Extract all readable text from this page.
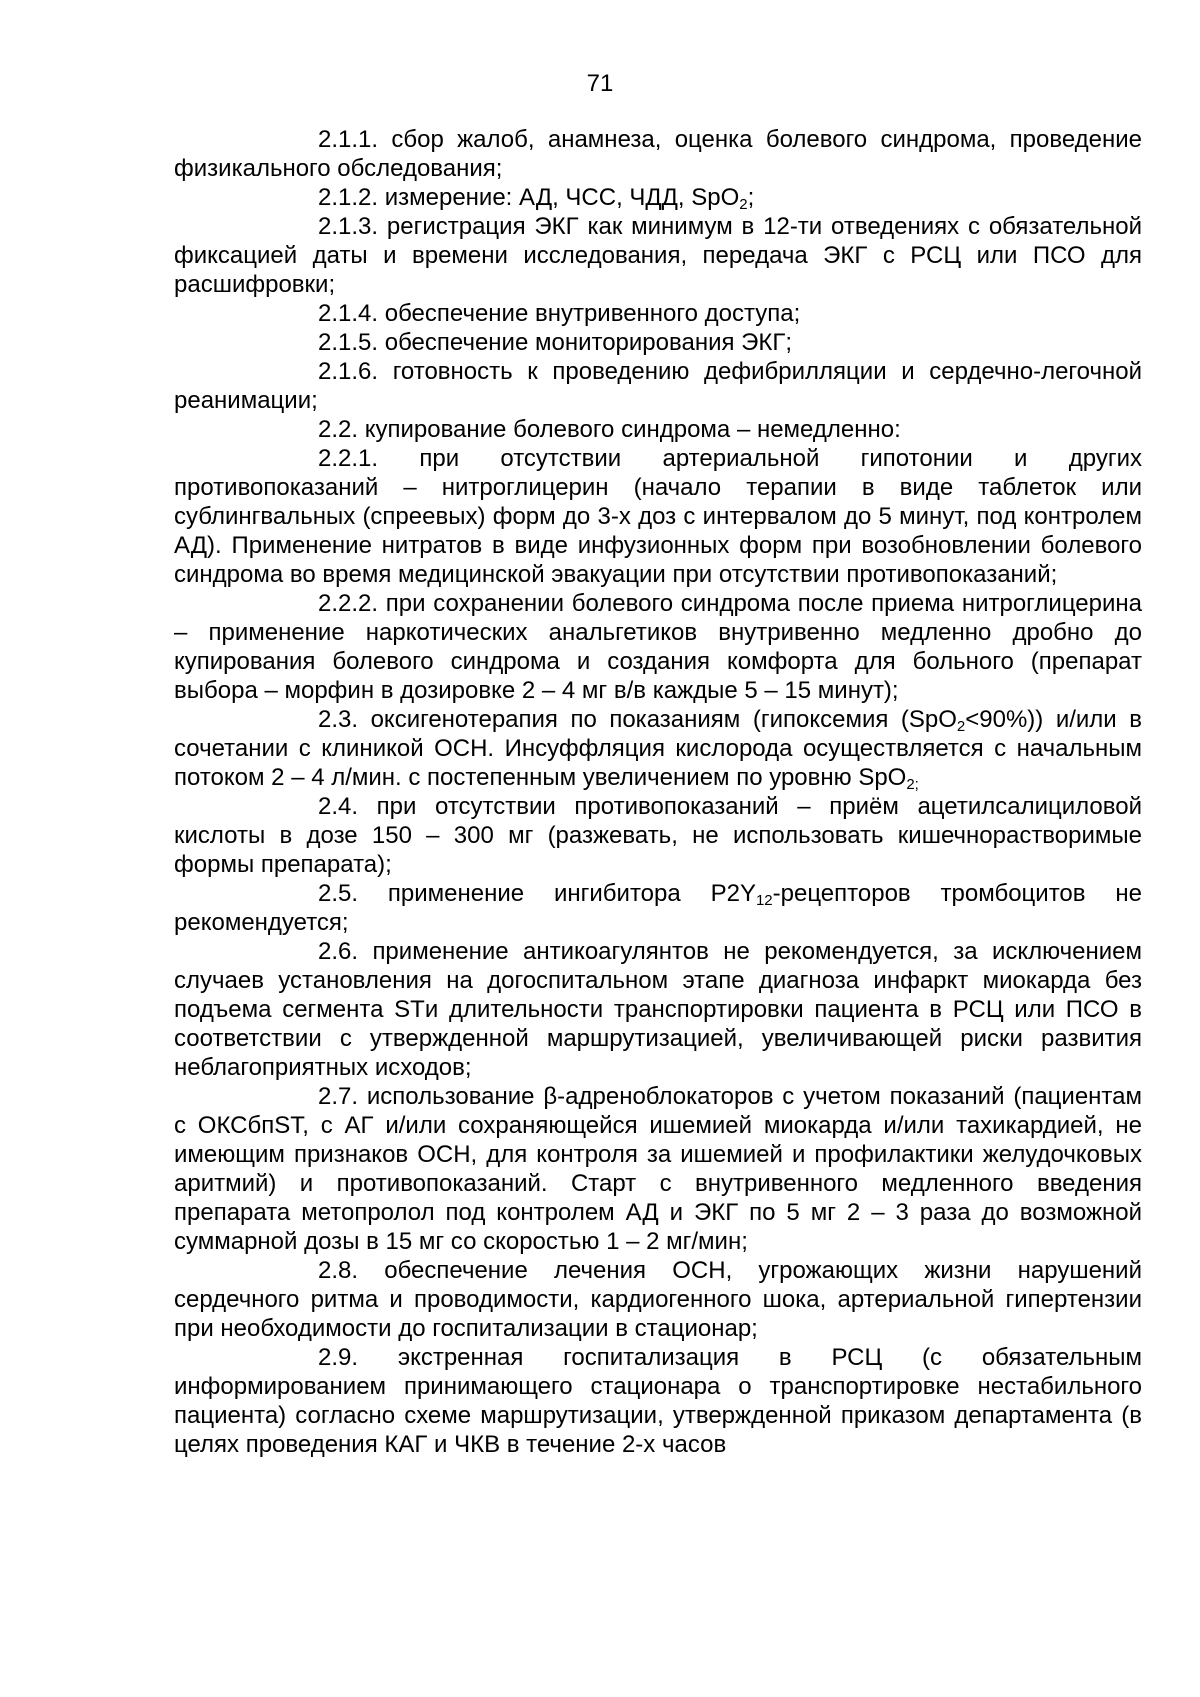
71

2.1.1. сбор жалоб, анамнеза, оценка болевого синдрома, проведение физикального обследования;

2.1.2. измерение: АД, ЧСС, ЧДД, SpO$_2$;

2.1.3. регистрация ЭКГ как минимум в 12-ти отведениях с обязательной фиксацией даты и времени исследования, передача ЭКГ с РСЦ или ПСО для расшифровки;

2.1.4. обеспечение внутривенного доступа;

2.1.5. обеспечение мониторирования ЭКГ;

2.1.6. готовность к проведению дефибрилляции и сердечно-легочной реанимации;

2.2. купирование болевого синдрома – немедленно:

2.2.1. при отсутствии артериальной гипотонии и других противопоказаний – нитроглицерин (начало терапии в виде таблеток или сублингвальных (спреевых) форм до 3-х доз с интервалом до 5 минут, под контролем АД). Применение нитратов в виде инфузионных форм при возобновлении болевого синдрома во время медицинской эвакуации при отсутствии противопоказаний;

2.2.2. при сохранении болевого синдрома после приема нитроглицерина – применение наркотических анальгетиков внутривенно медленно дробно до купирования болевого синдрома и создания комфорта для больного (препарат выбора – морфин в дозировке 2 – 4 мг в/в каждые 5 – 15 минут);

2.3. оксигенотерапия по показаниям (гипоксемия (SpO$_2$<90%)) и/или в сочетании с клиникой ОСН. Инсуффляция кислорода осуществляется с начальным потоком 2 – 4 л/мин. с постепенным увеличением по уровню SpO$_{2;}$

2.4. при отсутствии противопоказаний – приём ацетилсалициловой кислоты в дозе 150 – 300 мг (разжевать, не использовать кишечнорастворимые формы препарата);

2.5. применение ингибитора $P2Y_{12}$-рецепторов тромбоцитов не рекомендуется;

2.6. применение антикоагулянтов не рекомендуется, за исключением случаев установления на догоспитальном этапе диагноза инфаркт миокарда без подъема сегмента STи длительности транспортировки пациента в РСЦ или ПСО в соответствии с утвержденной маршрутизацией, увеличивающей риски развития неблагоприятных исходов;

2.7. использование β-адреноблокаторов с учетом показаний (пациентам с ОКСбпST, с АГ и/или сохраняющейся ишемией миокарда и/или тахикардией, не имеющим признаков ОСН, для контроля за ишемией и профилактики желудочковых аритмий) и противопоказаний. Старт с внутривенного медленного введения препарата метопролол под контролем АД и ЭКГ по 5 мг 2 – 3 раза до возможной суммарной дозы в 15 мг со скоростью 1 – 2 мг/мин;

2.8. обеспечение лечения ОСН, угрожающих жизни нарушений сердечного ритма и проводимости, кардиогенного шока, артериальной гипертензии при необходимости до госпитализации в стационар;

2.9. экстренная госпитализация в РСЦ (с обязательным информированием принимающего стационара о транспортировке нестабильного пациента) согласно схеме маршрутизации, утвержденной приказом департамента (в целях проведения КАГ и ЧКВ в течение 2-х часов
